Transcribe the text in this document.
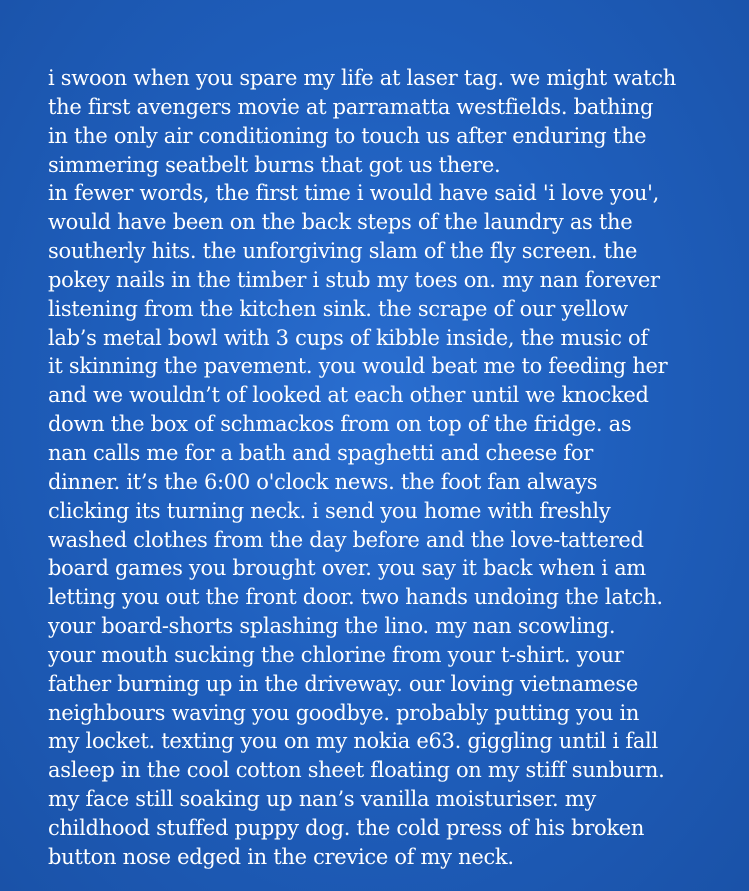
i swoon when you spare my life at laser tag. we might watch
the first avengers movie at parramatta westfields. bathing
in the only air conditioning to touch us after enduring the
simmering seatbelt burns that got us there.
in fewer words, the first time i would have said 'i love you',
would have been on the back steps of the laundry as the
southerly hits. the unforgiving slam of the fly screen. the
pokey nails in the timber i stub my toes on. my nan forever
listening from the kitchen sink. the scrape of our yellow
lab’s metal bowl with 3 cups of kibble inside, the music of
it skinning the pavement. you would beat me to feeding her
and we wouldn’t of looked at each other until we knocked
down the box of schmackos from on top of the fridge. as
nan calls me for a bath and spaghetti and cheese for
dinner. it’s the 6:00 o'clock news. the foot fan always
clicking its turning neck. i send you home with freshly
washed clothes from the day before and the love-tattered
board games you brought over. you say it back when i am
letting you out the front door. two hands undoing the latch.
your board-shorts splashing the lino. my nan scowling.
your mouth sucking the chlorine from your t-shirt. your
father burning up in the driveway. our loving vietnamese
neighbours waving you goodbye. probably putting you in
my locket. texting you on my nokia e63. giggling until i fall
asleep in the cool cotton sheet floating on my stiff sunburn.
my face still soaking up nan’s vanilla moisturiser. my
childhood stuffed puppy dog. the cold press of his broken
button nose edged in the crevice of my neck.
